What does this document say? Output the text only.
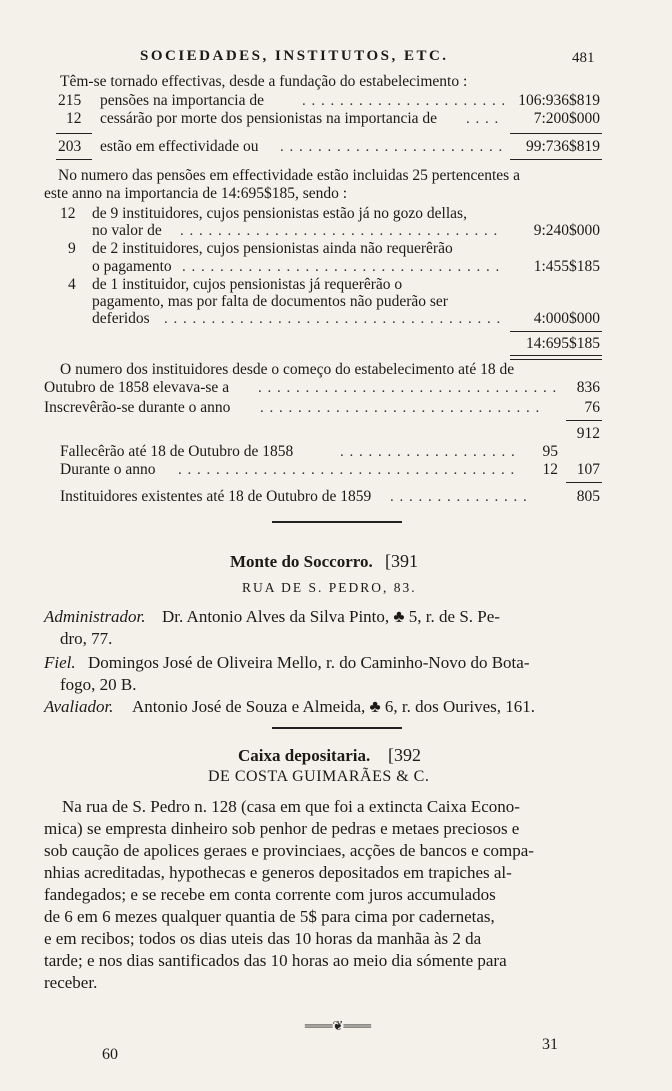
SOCIEDADES, INSTITUTOS, ETC.	481
Têm-se tornado effectivas, desde a fundação do estabelecimento :
215 pensões na importancia de . . .	106:936$819
12 cessárão por morte dos pensionistas na importancia de . . .	7:200$000
203 estão em effectividade ou . . .	99:736$819
No numero das pensões em effectividade estão incluidas 25 pertencentes a
este anno na importancia de 14:695$185, sendo :
12 de 9 instituidores, cujos pensionistas estão já no gozo dellas,
no valor de . . .	9:240$000
9 de 2 instituidores, cujos pensionistas ainda não requerêrão
o pagamento . . .	1:455$185
4 de 1 instituidor, cujos pensionistas já requerêrão o
pagamento, mas por falta de documentos não puderão ser
deferidos . . .	4:000$000
14:695$185
O numero dos instituidores desde o começo do estabelecimento até 18 de
Outubro de 1858 elevava-se a . . .	836
Inscrevêrão-se durante o anno . . .	76
912
Fallecêrão até 18 de Outubro de 1858 . . .	95
Durante o anno . . .	12	107
Instituidores existentes até 18 de Outubro de 1859 . . .	805
Monte do Soccorro. [391
RUA DE S. PEDRO, 83.
Administrador. Dr. Antonio Alves da Silva Pinto, ♣ 5, r. de S. Pe-
dro, 77.
Fiel. Domingos José de Oliveira Mello, r. do Caminho-Novo do Bota-
fogo, 20 B.
Avaliador. Antonio José de Souza e Almeida, ♣ 6, r. dos Ourives, 161.
Caixa depositaria. [392
DE COSTA GUIMARÃES & C.
Na rua de S. Pedro n. 128 (casa em que foi a extincta Caixa Econo-
mica) se empresta dinheiro sob penhor de pedras e metaes preciosos e
sob caução de apolices geraes e provinciaes, acções de bancos e compa-
nhias acreditadas, hypothecas e generos depositados em trapiches al-
fandegados; e se recebe em conta corrente com juros accumulados
de 6 em 6 mezes qualquer quantia de 5$ para cima por cadernetas,
e em recibos; todos os dias uteis das 10 horas da manhãa às 2 da
tarde; e nos dias santificados das 10 horas ao meio dia sómente para
receber.
═══❦═══
60
31
